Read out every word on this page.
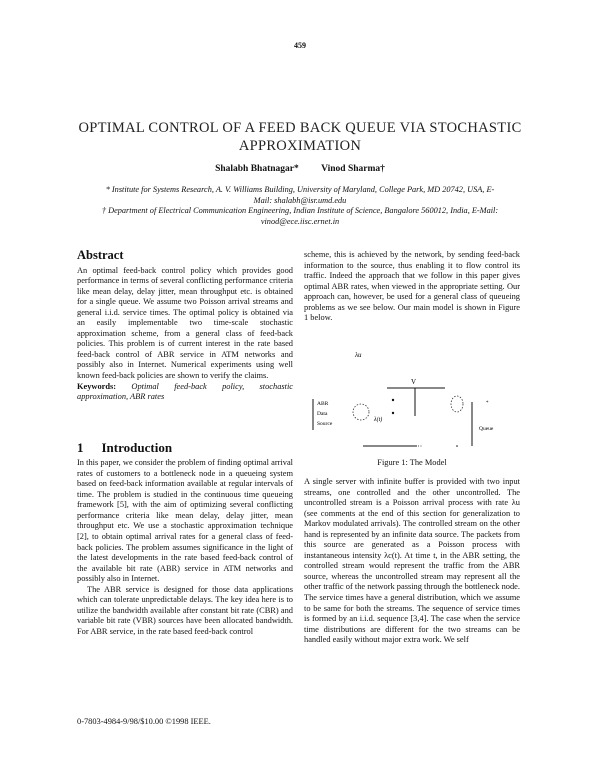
459
OPTIMAL CONTROL OF A FEED BACK QUEUE VIA STOCHASTIC APPROXIMATION
Shalabh Bhatnagar* Vinod Sharma†
* Institute for Systems Research, A. V. Williams Building, University of Maryland, College Park, MD 20742, USA, E-Mail: shalabh@isr.umd.edu
† Department of Electrical Communication Engineering, Indian Institute of Science, Bangalore 560012, India, E-Mail: vinod@ece.iisc.ernet.in
Abstract

An optimal feed-back control policy which provides good performance in terms of several conflicting performance criteria like mean delay, delay jitter, mean throughput etc. is obtained for a single queue. We assume two Poisson arrival streams and general i.i.d. service times. The optimal policy is obtained via an easily implementable two time-scale stochastic approximation scheme, from a general class of feed-back policies. This problem is of current interest in the rate based feed-back control of ABR service in ATM networks and possibly also in Internet. Numerical experiments using well known feed-back policies are shown to verify the claims.

Keywords: Optimal feed-back policy, stochastic approximation, ABR rates

1 Introduction

In this paper, we consider the problem of finding optimal arrival rates of customers to a bottleneck node in a queueing system based on feed-back information available at regular intervals of time. The problem is studied in the continuous time queueing framework [5], with the aim of optimizing several conflicting performance criteria like mean delay, delay jitter, mean throughput etc. We use a stochastic approximation technique [2], to obtain optimal arrival rates for a general class of feed-back policies. The problem assumes significance in the light of the latest developments in the rate based feed-back control of the available bit rate (ABR) service in ATM networks and possibly also in Internet.

The ABR service is designed for those data applications which can tolerate unpredictable delays. The key idea here is to utilize the bandwidth available after constant bit rate (CBR) and variable bit rate (VBR) sources have been allocated bandwidth. For ABR service, in the rate based feed-back control

scheme, this is achieved by the network, by sending feed-back information to the source, thus enabling it to flow control its traffic. Indeed the approach that we follow in this paper gives optimal ABR rates, when viewed in the appropriate setting. Our approach can, however, be used for a general class of queueing problems as we see below. Our main model is shown in Figure 1 below.

λu
V
ABR
Data
Source
λ(t)
Queue
*
Figure 1: The Model

A single server with infinite buffer is provided with two input streams, one controlled and the other uncontrolled. The uncontrolled stream is a Poisson arrival process with rate λu (see comments at the end of this section for generalization to Markov modulated arrivals). The controlled stream on the other hand is represented by an infinite data source. The packets from this source are generated as a Poisson process with instantaneous intensity λc(t). At time t, in the ABR setting, the controlled stream would represent the traffic from the ABR source, whereas the uncontrolled stream may represent all the other traffic of the network passing through the bottleneck node. The service times have a general distribution, which we assume to be same for both the streams. The sequence of service times is formed by an i.i.d. sequence [3,4]. The case when the service time distributions are different for the two streams can be handled easily without major extra work. We self

0-7803-4984-9/98/$10.00 ©1998 IEEE.
